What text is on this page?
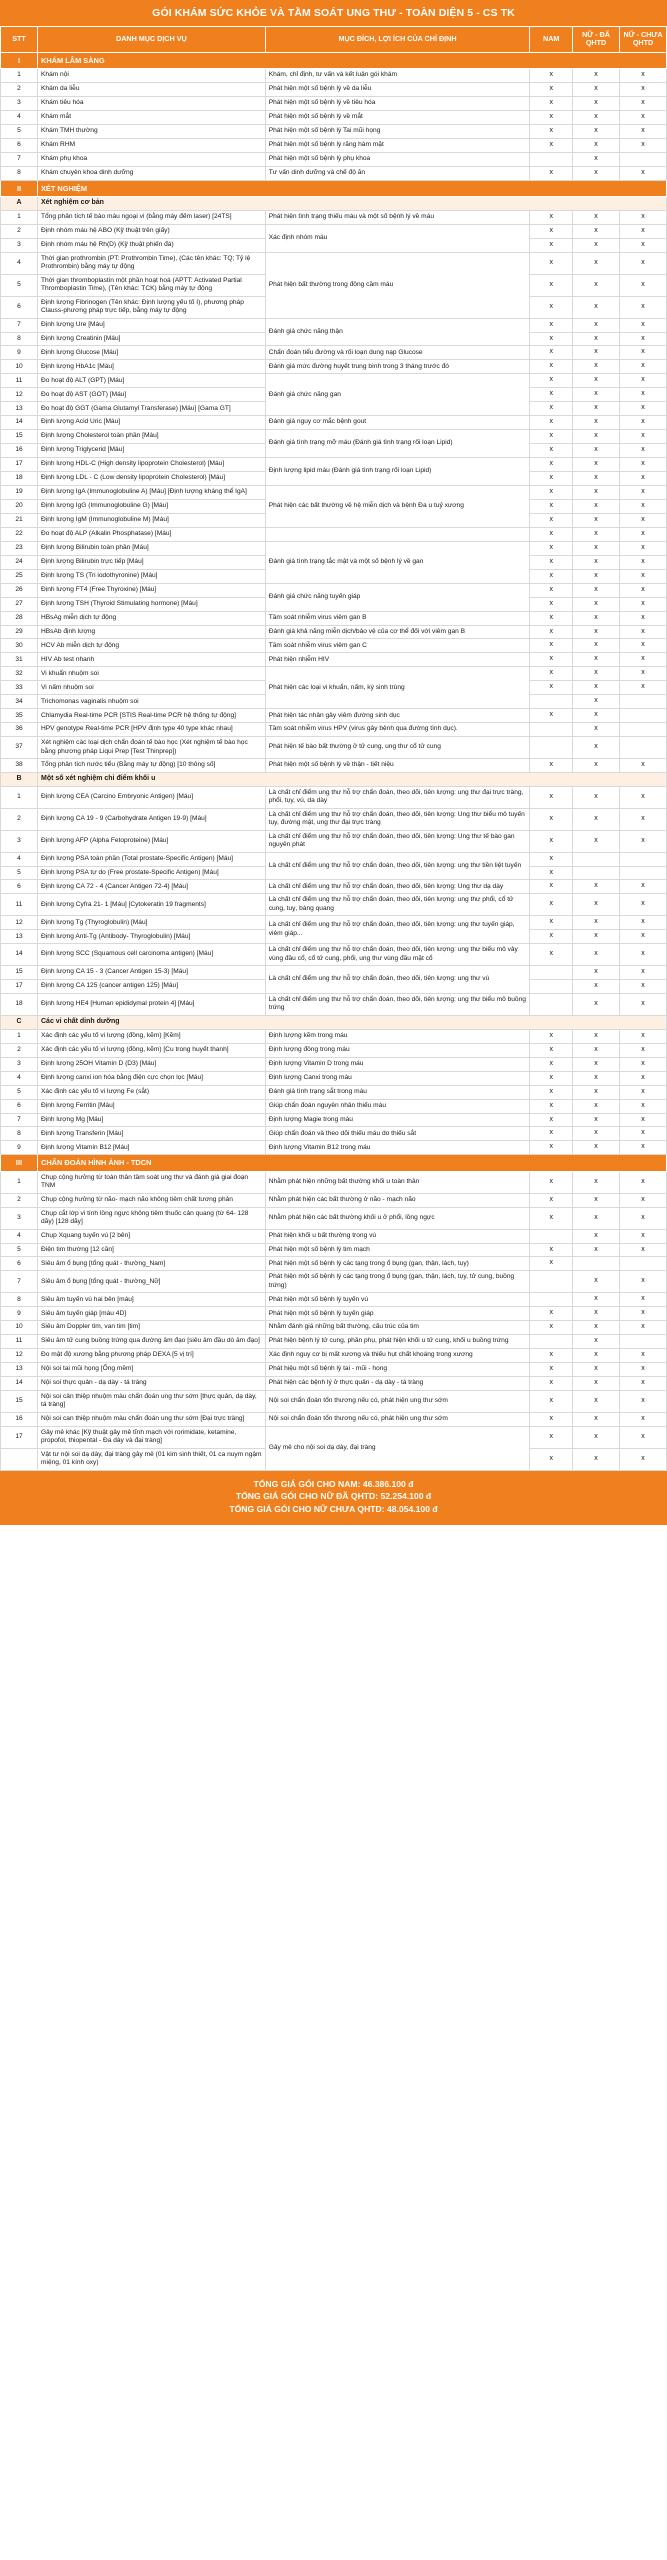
GÓI KHÁM SỨC KHỎE VÀ TẦM SOÁT UNG THƯ - TOÀN DIỆN 5 - CS TK
STT	DANH MỤC DỊCH VỤ	MỤC ĐÍCH, LỢI ÍCH CỦA CHỈ ĐỊNH	NAM	NỮ - ĐÃ QHTD	NỮ - CHƯA QHTD
I	KHÁM LÂM SÀNG				
1	Khám nội	Khám, chỉ định, tư vấn và kết luận gói khám	x	x	x
2	Khám da liễu	Phát hiện một số bệnh lý về da liễu	x	x	x
3	Khám tiêu hóa	Phát hiện một số bệnh lý về tiêu hóa	x	x	x
4	Khám mắt	Phát hiện một số bệnh lý về mắt	x	x	x
5	Khám TMH thường	Phát hiện một số bệnh lý Tai mũi họng	x	x	x
6	Khám RHM	Phát hiện một số bệnh lý răng hàm mặt	x	x	x
7	Khám phụ khoa	Phát hiện một số bệnh lý phụ khoa		x	
8	Khám chuyên khoa dinh dưỡng	Tư vấn dinh dưỡng và chế độ ăn	x	x	x
II	XÉT NGHIỆM				
A	Xét nghiệm cơ bản				
1	Tổng phân tích tế bào máu ngoại vi (bằng máy đếm laser) [24TS]	Phát hiện tình trạng thiếu máu và một số bệnh lý về máu	x	x	x
2	Định nhóm máu hệ ABO (Kỹ thuật trên giấy)	Xác định nhóm máu	x	x	x
3	Định nhóm máu hệ Rh(D) (Kỹ thuật phiến đá)		x	x	x
4	Thời gian prothrombin (PT: Prothrombin Time), (Các tên khác: TQ; Tỷ lệ Prothrombin) bằng máy tự động	Phát hiện bất thường trong đông cầm máu	x	x	x
5	Thời gian thromboplastin một phần hoạt hoá (APTT: Activated Partial Thromboplastin Time), (Tên khác: TCK) bằng máy tự động		x	x	x
6	Định lượng Fibrinogen (Tên khác: Định lượng yếu tố I), phương pháp Clauss-phương pháp trực tiếp, bằng máy tự động		x	x	x
7	Định lượng Ure [Máu]	Đánh giá chức năng thận	x	x	x
8	Định lượng Creatinin [Máu]		x	x	x
9	Định lượng Glucose [Máu]	Chẩn đoán tiểu đường và rối loạn dung nạp Glucose	x	x	x
10	Định lượng HbA1c [Máu]	Đánh giá mức đường huyết trung bình trong 3 tháng trước đó	x	x	x
11	Đo hoạt độ ALT (GPT) [Máu]	Đánh giá chức năng gan	x	x	x
12	Đo hoạt độ AST (GOT) [Máu]		x	x	x
13	Đo hoạt độ GGT (Gama Glutamyl Transferase) [Máu] [Gama GT]		x	x	x
14	Định lượng Acid Uric [Máu]	Đánh giá nguy cơ mắc bệnh gout	x	x	x
15	Định lượng Cholesterol toàn phần [Máu]	Đánh giá tình trạng mỡ máu (Đánh giá tình trạng rối loạn Lipid)	x	x	x
16	Định lượng Triglycerid [Máu]		x	x	x
17	Định lượng HDL-C (High density lipoprotein Cholesterol) [Máu]	Định lượng lipid máu (Đánh giá tình trạng rối loạn Lipid)	x	x	x
18	Định lượng LDL - C (Low density lipoprotein Cholesterol) [Máu]		x	x	x
19	Định lượng IgA (Immunoglobuline A) [Máu] [Định lượng kháng thể IgA]	Phát hiện các bất thường về hệ miễn dịch và bệnh Đa u tuỷ xương	x	x	x
20	Định lượng IgG (Immunoglobuline G) [Máu]		x	x	x
21	Định lượng IgM (Immunoglobuline M) [Máu]		x	x	x
22	Đo hoạt độ ALP (Alkalin Phosphatase) [Máu]		x	x	x
23	Định lượng Bilirubin toàn phần [Máu]	Đánh giá tình trạng tắc mật và một số bệnh lý về gan	x	x	x
24	Định lượng Bilirubin trực tiếp [Máu]		x	x	x
25	Định lượng TS (Tri iodothyronine) [Máu]		x	x	x
26	Định lượng FT4 (Free Thyroxine) [Máu]	Đánh giá chức năng tuyến giáp	x	x	x
27	Định lượng TSH (Thyroid Stimulating hormone) [Máu]		x	x	x
28	HBsAg miễn dịch tự động	Tầm soát nhiễm virus viêm gan B	x	x	x
29	HBsAb định lượng	Đánh giá khả năng miễn dịch/bảo vệ của cơ thể đối với viêm gan B	x	x	x
30	HCV Ab miễn dịch tự động	Tầm soát nhiễm virus viêm gan C	x	x	x
31	HIV Ab test nhanh	Phát hiện nhiễm HIV	x	x	x
32	Vi khuẩn nhuộm soi	Phát hiện các loại vi khuẩn, nấm, ký sinh trùng	x	x	x
33	Vi nấm nhuộm soi		x	x	x
34	Trichomonas vaginalis nhuộm soi			x	
35	Chlamydia Real-time PCR [STIS Real-time PCR hệ thống tự động]	Phát hiện tác nhân gây viêm đường sinh dục	x	x	
36	HPV genotype Real-time PCR [HPV định type 40 type khác nhau]	Tầm soát nhiễm virus HPV (virus gây bệnh qua đường tình dục).		x	
37	Xét nghiệm các loại dịch chẩn đoán tế bào học (Xét nghiệm tế bào học bằng phương pháp Liqui Prep [Test Thinprep])	Phát hiện tế bào bất thường ở tử cung, ung thư cổ tử cung		x	
38	Tổng phân tích nước tiểu (Bằng máy tự động) [10 thông số]	Phát hiện một số bệnh lý về thận - tiết niệu	x	x	x
B	Một số xét nghiệm chỉ điểm khối u				
1	Định lượng CEA (Carcino Embryonic Antigen) [Máu]	Là chất chỉ điểm ung thư hỗ trợ chẩn đoán, theo dõi, tiên lượng: ung thư đại trực tràng, phổi, tụy, vú, da dày	x	x	x
2	Định lượng CA 19 - 9 (Carbohydrate Antigen 19-9) [Máu]	Là chất chỉ điểm ung thư hỗ trợ chẩn đoán, theo dõi, tiên lượng: Ung thư biểu mô tuyến tụy, đường mật, ung thư đại trực tràng	x	x	x
3	Định lượng AFP (Alpha Fetoproteine) [Máu]	Là chất chỉ điểm ung thư hỗ trợ chẩn đoán, theo dõi, tiên lượng: Ung thư tế bào gan nguyên phát	x	x	x
4	Định lượng PSA toàn phần (Total prostate-Specific Antigen) [Máu]	Là chất chỉ điểm ung thư hỗ trợ chẩn đoán, theo dõi, tiên lượng: ung thư tiền liệt tuyến	x		
5	Định lượng PSA tự do (Free prostate-Specific Antigen) [Máu]		x		
6	Định lượng CA 72 - 4 (Cancer Antigen 72-4) [Máu]	Là chất chỉ điểm ung thư hỗ trợ chẩn đoán, theo dõi, tiên lượng: Ung thư dạ dày	x	x	x
11	Định lượng Cyfra 21- 1 [Máu] [Cytokeratin 19 fragments]	Là chất chỉ điểm ung thư hỗ trợ chẩn đoán, theo dõi, tiên lượng: ung thư phổi, cổ tử cung, tuỵ, bàng quang	x	x	x
12	Định lượng Tg (Thyroglobulin) [Máu]	Là chất chỉ điểm ung thư hỗ trợ chẩn đoán, theo dõi, tiên lượng: ung thư tuyến giáp, viêm giáp...	x	x	x
13	Định lượng Anti-Tg (Antibody- Thyroglobulin) [Máu]		x	x	x
14	Định lượng SCC (Squamous cell carcinoma antigen) [Máu]	Là chất chỉ điểm ung thư hỗ trợ chẩn đoán, theo dõi, tiên lượng: ung thư biểu mô vảy vùng đầu cổ, cổ tử cung, phổi, ung thư vùng đầu mặt cổ	x	x	x
15	Định lượng CA 15 - 3 (Cancer Antigen 15-3) [Máu]	Là chất chỉ điểm ung thư hỗ trợ chẩn đoán, theo dõi, tiên lượng: ung thư vú		x	x
17	Định lượng CA 125 (cancer antigen 125) [Máu]			x	x
18	Định lượng HE4 [Human epididymal protein 4] [Máu]	Là chất chỉ điểm ung thư hỗ trợ chẩn đoán, theo dõi, tiên lượng: ung thư biểu mô buồng trứng		x	x
C	Các vi chất dinh dưỡng				
1	Xác định các yếu tố vi lượng (đồng, kẽm) [Kẽm]	Định lượng kẽm trong máu	x	x	x
2	Xác định các yếu tố vi lượng (đồng, kẽm) [Cu trong huyết thanh]	Định lượng đồng trong máu	x	x	x
3	Định lượng 25OH Vitamin D (D3) [Máu]	Định lượng Vitamin D trong máu	x	x	x
4	Định lượng canxi ion hóa bằng điện cực chọn lọc [Máu]	Định lượng Canxi trong máu	x	x	x
5	Xác định các yếu tố vi lượng Fe (sắt)	Đánh giá tình trạng sắt trong máu	x	x	x
6	Định lượng Ferritin [Máu]	Giúp chẩn đoán nguyên nhân thiếu máu	x	x	x
7	Định lượng Mg [Máu]	Định lượng Magie trong máu	x	x	x
8	Định lượng Transferin [Máu]	Giúp chẩn đoán và theo dõi thiếu máu do thiếu sắt	x	x	x
9	Định lượng Vitamin B12 [Máu]	Định lượng Vitamin B12 trong máu	x	x	x
III	CHẨN ĐOÁN HÌNH ẢNH - TDCN				
1	Chụp cộng hưởng từ toàn thân tầm soát ung thư và đánh giá giai đoạn TNM	Nhằm phát hiện những bất thường khối u toàn thân	x	x	x
2	Chụp cộng hưởng từ não- mạch não không tiêm chất tương phản	Nhằm phát hiện các bất thường ở não - mạch não	x	x	x
3	Chụp cắt lớp vi tính lồng ngực không tiêm thuốc cản quang (từ 64- 128 dãy) [128 dãy]	Nhằm phát hiện các bất thường khối u ở phổi, lồng ngực	x	x	x
4	Chụp Xquang tuyến vú [2 bên]	Phát hiện khối u bất thường trong vú		x	x
5	Điện tim thường [12 cần]	Phát hiện một số bệnh lý tim mạch	x	x	x
6	Siêu âm ổ bụng [tổng quát - thường_Nam]	Phát hiện một số bệnh lý các tạng trong ổ bụng (gan, thận, lách, tụy)	x		
7	Siêu âm ổ bụng [tổng quát - thường_Nữ]	Phát hiện một số bệnh lý các tạng trong ổ bụng (gan, thận, lách, tụy, tử cung, buồng trứng)		x	x
8	Siêu âm tuyến vú hai bên [máu]	Phát hiện một số bệnh lý tuyến vú		x	x
9	Siêu âm tuyến giáp [máu 4D]	Phát hiện một số bệnh lý tuyến giáp	x	x	x
10	Siêu âm Doppler tim, van tim [tim]	Nhằm đánh giá những bất thường, cấu trúc của tim	x	x	x
11	Siêu âm tử cung buồng trứng qua đường âm đạo [siêu âm đầu dò âm đạo]	Phát hiện bệnh lý tử cung, phần phụ, phát hiện khối u tử cung, khối u buồng trứng		x	
12	Đo mật độ xương bằng phương pháp DEXA [5 vị trí]	Xác định nguy cơ bị mất xương và thiếu hụt chất khoáng trong xương	x	x	x
13	Nội soi tai mũi họng [Ống mềm]	Phát hiệu một số bệnh lý tai - mũi - hong	x	x	x
14	Nội soi thực quản - dạ dày - tá tràng	Phát hiện các bệnh lý ở thực quản - dạ dày - tá tràng	x	x	x
15	Nội soi cản thiệp nhuộm màu chẩn đoán ung thư sớm [thực quản, dạ dày, tá tràng]	Nội soi chẩn đoán tổn thương nếu có, phát hiện ung thư sớm	x	x	x
16	Nội soi can thiệp nhuộm màu chẩn đoán ung thư sớm [Đại trực tràng]	Nội soi chẩn đoán tổn thương nếu có, phát hiện ung thư sớm	x	x	x
17	Gây mê khác [Kỹ thuật gây mê tĩnh mạch với rorimidate, ketamine, propofol, thiopental - Đa dày và đại tràng]	Gây mê cho nội soi dạ dày, đại tràng	x	x	x
	Vật tư nội soi dạ dày, đại tràng gây mê (01 kim sinh thiết, 01 ca nuym ngậm miệng, 01 kính oxy)		x	x	x
TỔNG GIÁ GÓI CHO NAM: 46.386.100 đ
TỔNG GIÁ GÓI CHO NỮ ĐÃ QHTD: 52.254.100 đ
TỔNG GIÁ GÓI CHO NỮ CHƯA QHTD: 48.054.100 đ
